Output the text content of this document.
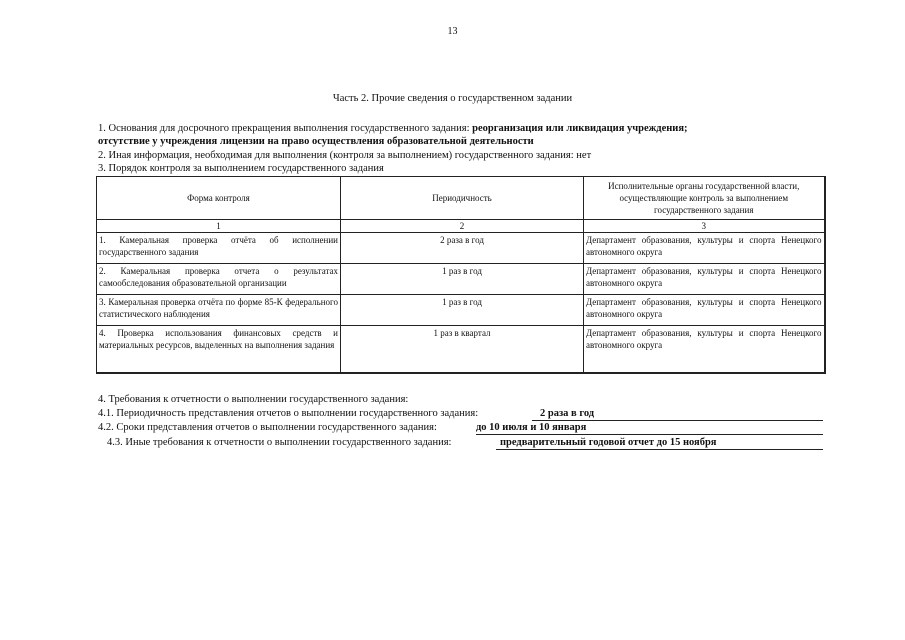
13
Часть 2. Прочие сведения о государственном задании
1. Основания для досрочного прекращения выполнения государственного задания: реорганизация или ликвидация учреждения;
отсутствие у учреждения лицензии на право осуществления образовательной деятельности
2. Иная информация, необходимая для выполнения (контроля за выполнением) государственного задания: нет
3. Порядок контроля за выполнением государственного задания
Форма контроля	Периодичность	Исполнительные органы государственной власти, осуществляющие контроль за выполнением государственного задания
1	2	3
1. Камеральная проверка отчёта об исполнении государственного задания	2 раза в год	Департамент образования, культуры и спорта Ненецкого автономного округа
2. Камеральная проверка отчета о результатах самообследования образовательной организации	1 раз в год	Департамент образования, культуры и спорта Ненецкого автономного округа
3. Камеральная проверка отчёта по форме 85-К федерального статистического наблюдения	1 раз в год	Департамент образования, культуры и спорта Ненецкого автономного округа
4. Проверка использования финансовых средств и материальных ресурсов, выделенных на выполнения задания	1 раз в квартал	Департамент образования, культуры и спорта Ненецкого автономного округа
4. Требования к отчетности о выполнении государственного задания:
4.1. Периодичность представления отчетов о выполнении государственного задания:	2 раза в год
4.2. Сроки представления отчетов о выполнении государственного задания:	до 10 июля и 10 января
4.3. Иные требования к отчетности о выполнении государственного задания:	предварительный годовой отчет до 15 ноября
